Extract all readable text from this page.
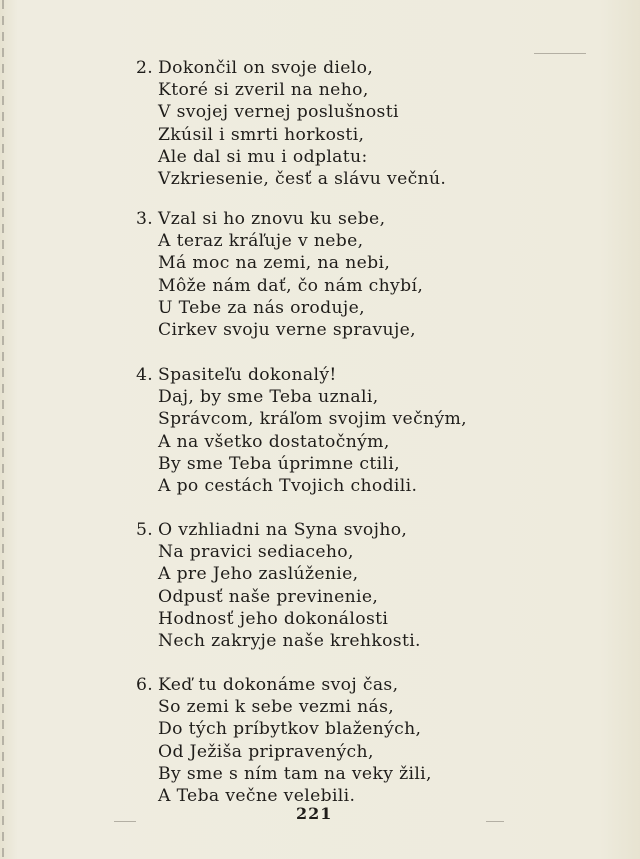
2. Dokončil on svoje dielo,
Ktoré si zveril na neho,
V svojej vernej poslušnosti
Zkúsil i smrti horkosti,
Ale dal si mu i odplatu:
Vzkriesenie, česť a slávu večnú.
3. Vzal si ho znovu ku sebe,
A teraz kráľuje v nebe,
Má moc na zemi, na nebi,
Môže nám dať, čo nám chybí,
U Tebe za nás oroduje,
Cirkev svoju verne spravuje,
4. Spasiteľu dokonalý!
Daj, by sme Teba uznali,
Správcom, kráľom svojim večným,
A na všetko dostatočným,
By sme Teba úprimne ctili,
A po cestách Tvojich chodili.
5. O vzhliadni na Syna svojho,
Na pravici sediaceho,
A pre Jeho zaslúženie,
Odpusť naše previnenie,
Hodnosť jeho dokonálosti
Nech zakryje naše krehkosti.
6. Keď tu dokonáme svoj čas,
So zemi k sebe vezmi nás,
Do tých príbytkov blažených,
Od Ježiša pripravených,
By sme s ním tam na veky žili,
A Teba večne velebili.
221
